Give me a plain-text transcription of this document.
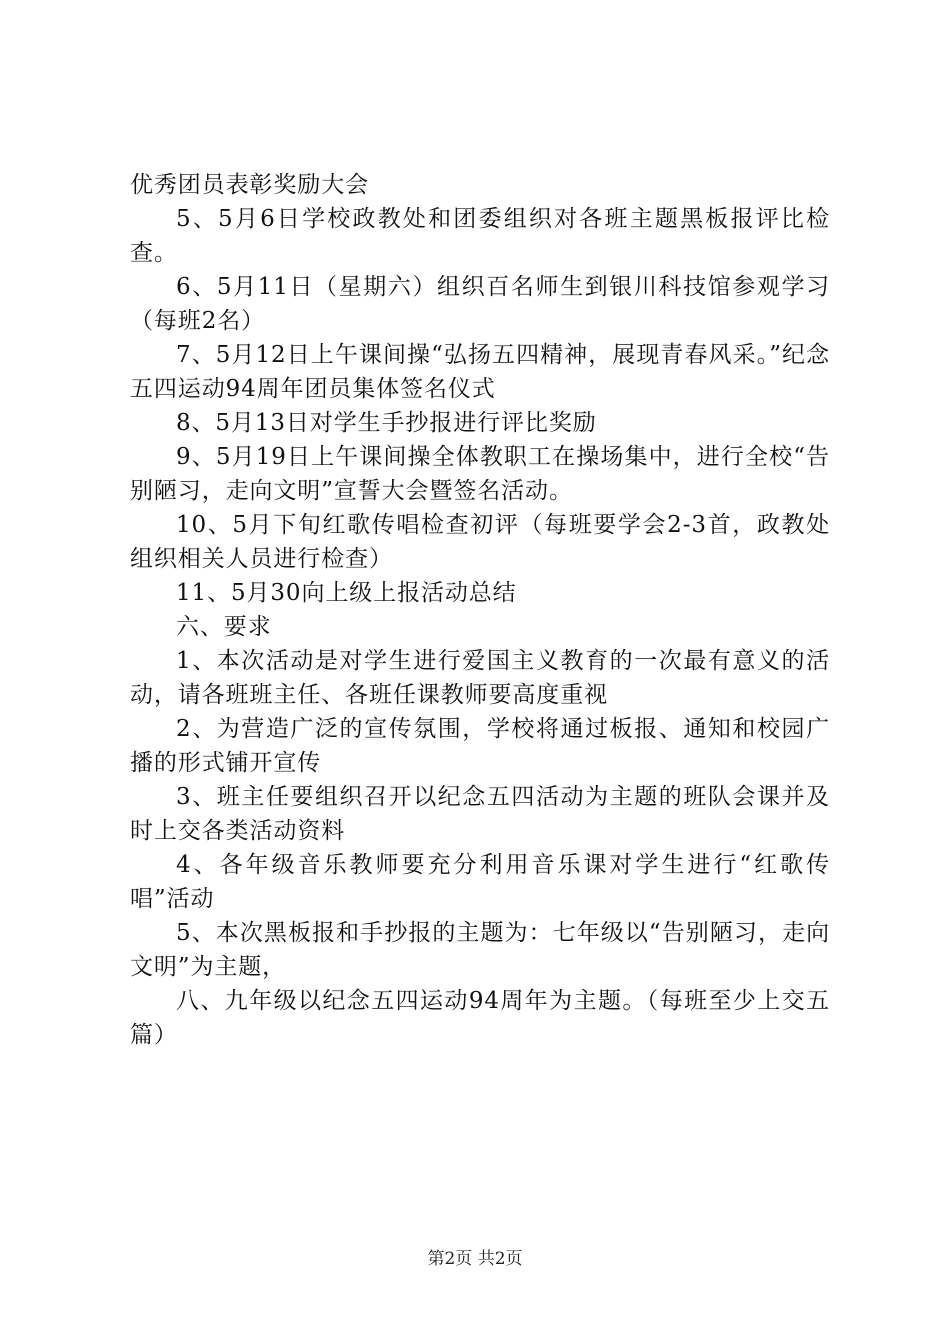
优秀团员表彰奖励大会

5、5月6日学校政教处和团委组织对各班主题黑板报评比检查。

6、5月11日（星期六）组织百名师生到银川科技馆参观学习（每班2名）

7、5月12日上午课间操“弘扬五四精神，展现青春风采。”纪念五四运动94周年团员集体签名仪式

8、5月13日对学生手抄报进行评比奖励

9、5月19日上午课间操全体教职工在操场集中，进行全校“告别陋习，走向文明”宣誓大会暨签名活动。

10、5月下旬红歌传唱检查初评（每班要学会2-3首，政教处组织相关人员进行检查）

11、5月30向上级上报活动总结

六、要求

1、本次活动是对学生进行爱国主义教育的一次最有意义的活动，请各班班主任、各班任课教师要高度重视

2、为营造广泛的宣传氛围，学校将通过板报、通知和校园广播的形式铺开宣传

3、班主任要组织召开以纪念五四活动为主题的班队会课并及时上交各类活动资料

4、各年级音乐教师要充分利用音乐课对学生进行“红歌传唱”活动

5、本次黑板报和手抄报的主题为：七年级以“告别陋习，走向文明”为主题，

八、九年级以纪念五四运动94周年为主题。（每班至少上交五篇）

第2页 共2页
